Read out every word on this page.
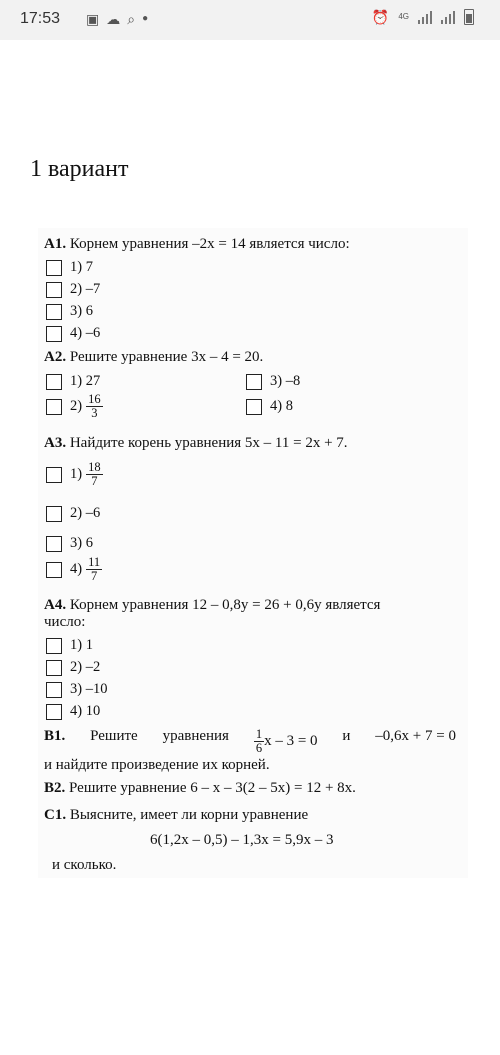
17:53 ▣ ☁ ⌕ ●	⏰ 4G
1 вариант
A1. Корнем уравнения –2x = 14 является число:
1) 7
2) –7
3) 6
4) –6
A2. Решите уравнение 3x – 4 = 20.
1) 27
$2) \frac{16}{3}$
3) –8
4) 8
A3. Найдите корень уравнения 5x – 11 = 2x + 7.
$1) \frac{18}{7}$
2) –6
3) 6
$4) \frac{11}{7}$
A4. Корнем уравнения 12 – 0,8y = 26 + 0,6y является
число:
1) 1
2) –2
3) –10
4) 10
B1. Решите уравнения $\frac{1}{6}$ x – 3 = 0 и –0,6x + 7 = 0
и найдите произведение их корней.
B2. Решите уравнение 6 – x – 3(2 – 5x) = 12 + 8x.
C1. Выясните, имеет ли корни уравнение
6(1,2x – 0,5) – 1,3x = 5,9x – 3
и сколько.
